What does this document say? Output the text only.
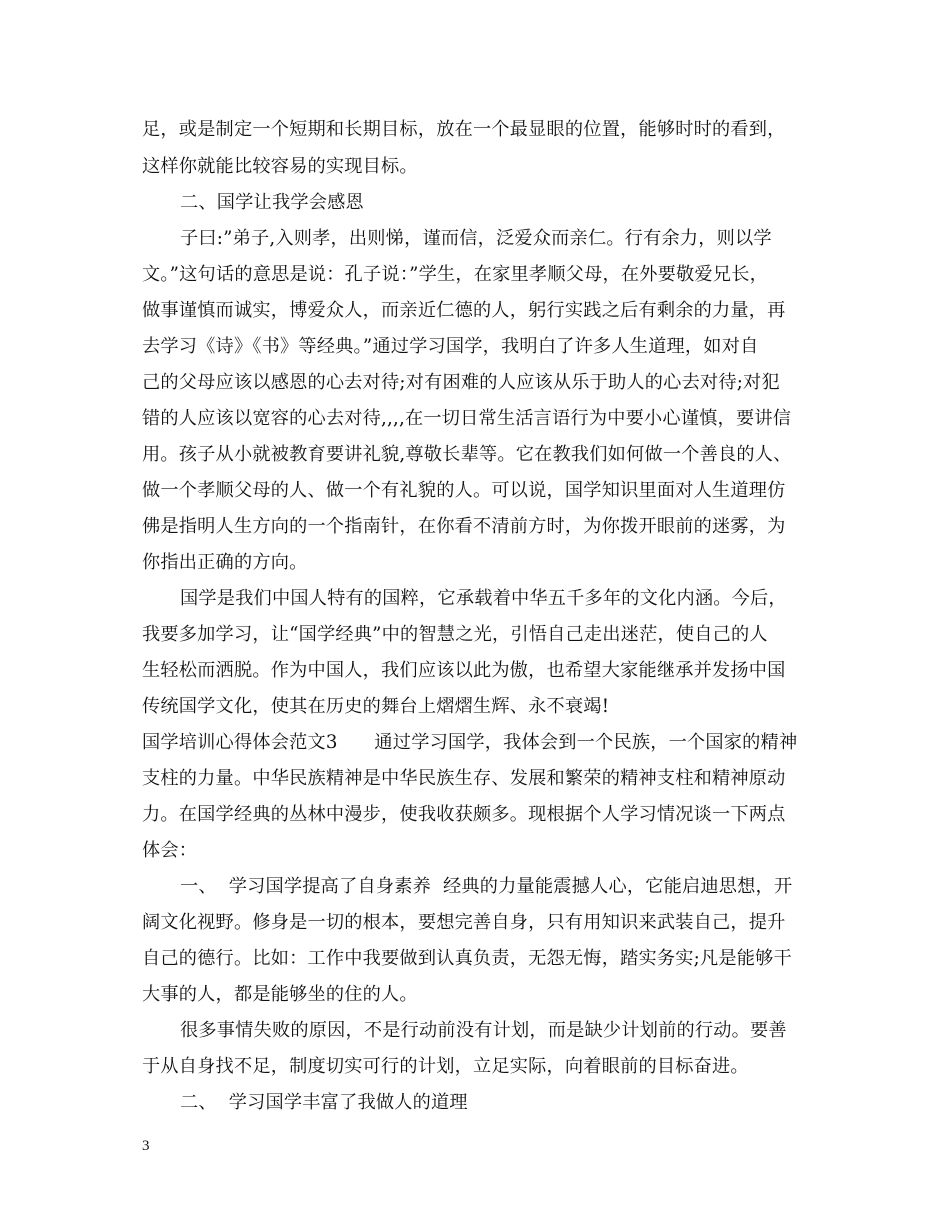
足，或是制定一个短期和长期目标，放在一个最显眼的位置，能够时时的看到，
这样你就能比较容易的实现目标。
二、国学让我学会感恩
子曰:”弟子,入则孝，出则悌，谨而信，泛爱众而亲仁。行有余力，则以学
文。”这句话的意思是说：孔子说：”学生，在家里孝顺父母，在外要敬爱兄长，
做事谨慎而诚实，博爱众人，而亲近仁德的人，躬行实践之后有剩余的力量，再
去学习《诗》《书》等经典。”通过学习国学，我明白了许多人生道理，如对自
己的父母应该以感恩的心去对待;对有困难的人应该从乐于助人的心去对待;对犯
错的人应该以宽容的心去对待,,,,在一切日常生活言语行为中要小心谨慎，要讲信
用。孩子从小就被教育要讲礼貌,尊敬长辈等。它在教我们如何做一个善良的人、
做一个孝顺父母的人、做一个有礼貌的人。可以说，国学知识里面对人生道理仿
佛是指明人生方向的一个指南针，在你看不清前方时，为你拨开眼前的迷雾，为
你指出正确的方向。
国学是我们中国人特有的国粹，它承载着中华五千多年的文化内涵。今后，
我要多加学习，让“国学经典”中的智慧之光，引悟自己走出迷茫，使自己的人
生轻松而洒脱。作为中国人，我们应该以此为傲，也希望大家能继承并发扬中国
传统国学文化，使其在历史的舞台上熠熠生辉、永不衰竭!
国学培训心得体会范文3　　通过学习国学，我体会到一个民族，一个国家的精神
支柱的力量。中华民族精神是中华民族生存、发展和繁荣的精神支柱和精神原动
力。在国学经典的丛林中漫步，使我收获颇多。现根据个人学习情况谈一下两点
体会：
一、  学习国学提高了自身素养  经典的力量能震撼人心，它能启迪思想，开
阔文化视野。修身是一切的根本，要想完善自身，只有用知识来武装自己，提升
自己的德行。比如：工作中我要做到认真负责，无怨无悔，踏实务实;凡是能够干
大事的人，都是能够坐的住的人。
很多事情失败的原因，不是行动前没有计划，而是缺少计划前的行动。要善
于从自身找不足，制度切实可行的计划，立足实际，向着眼前的目标奋进。
二、  学习国学丰富了我做人的道理
3
